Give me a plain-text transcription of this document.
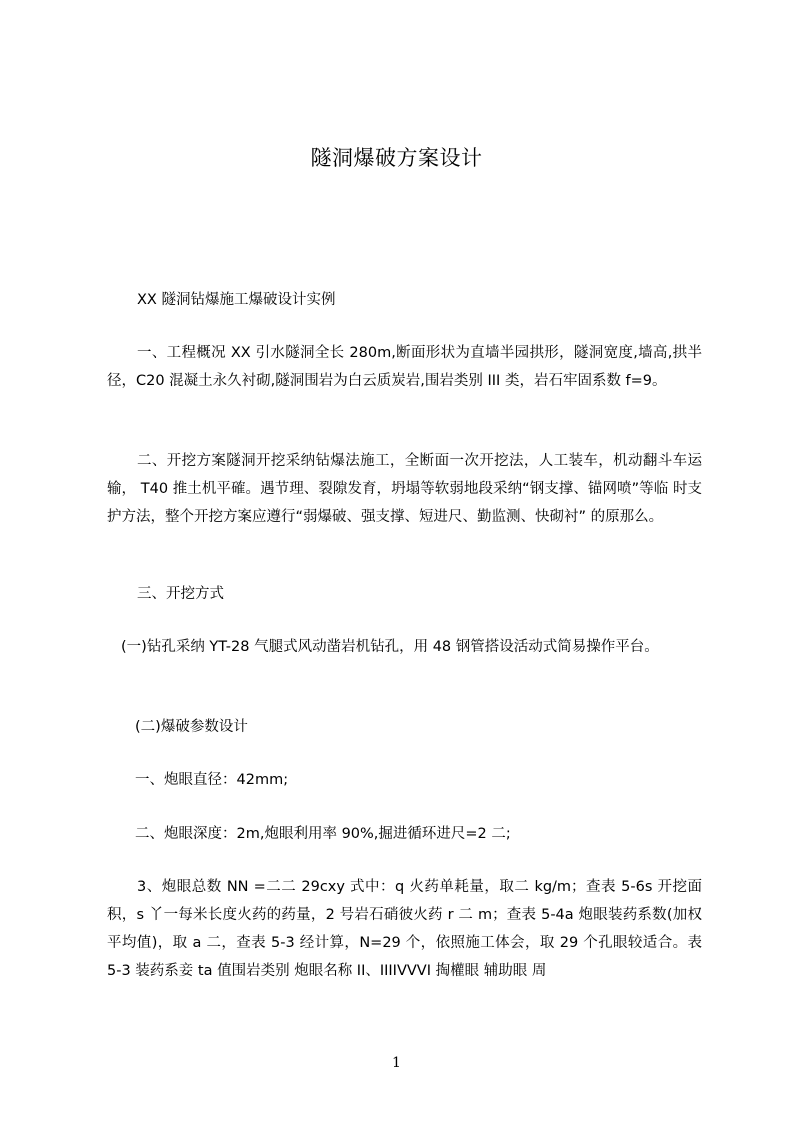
隧洞爆破方案设计

XX 隧洞钻爆施工爆破设计实例

一、工程概况 XX 引水隧洞全长 280m,断面形状为直墙半园拱形，隧洞宽度,墙高,拱半径，C20 混凝土永久衬砌,隧洞围岩为白云质炭岩,围岩类别 III 类，岩石牢固系数 f=9。

二、开挖方案隧洞开挖采纳钻爆法施工，全断面一次开挖法，人工装车，机动翻斗车运输， T40 推土机平確。遇节理、裂隙发育，坍塌等软弱地段采纳“钢支撑、锚网喷”等临 时支护方法，整个开挖方案应遵行“弱爆破、强支撑、短进尺、勤监测、快砌衬” 的原那么。

三、开挖方式

(一)钻孔采纳 YT-28 气腿式风动凿岩机钻孔，用 48 钢管搭设活动式简易操作平台。

(二)爆破参数设计

一、炮眼直径：42mm;

二、炮眼深度：2m,炮眼利用率 90%,掘进循环进尺=2 二;

3、炮眼总数 NN =二二 29cxy 式中：q 火药单耗量，取二 kg/m；查表 5-6s 开挖面积，s 丫一每米长度火药的药量，2 号岩石硝彼火药 r 二 m；查表 5-4a 炮眼装药系数(加权平均值)，取 a 二，查表 5-3 经计算，N=29 个，依照施工体会，取 29 个孔眼较适合。表 5-3 装药系妾 ta 值围岩类别 炮眼名称 II、IIIIVVVI 掏權眼 辅助眼 周

1
